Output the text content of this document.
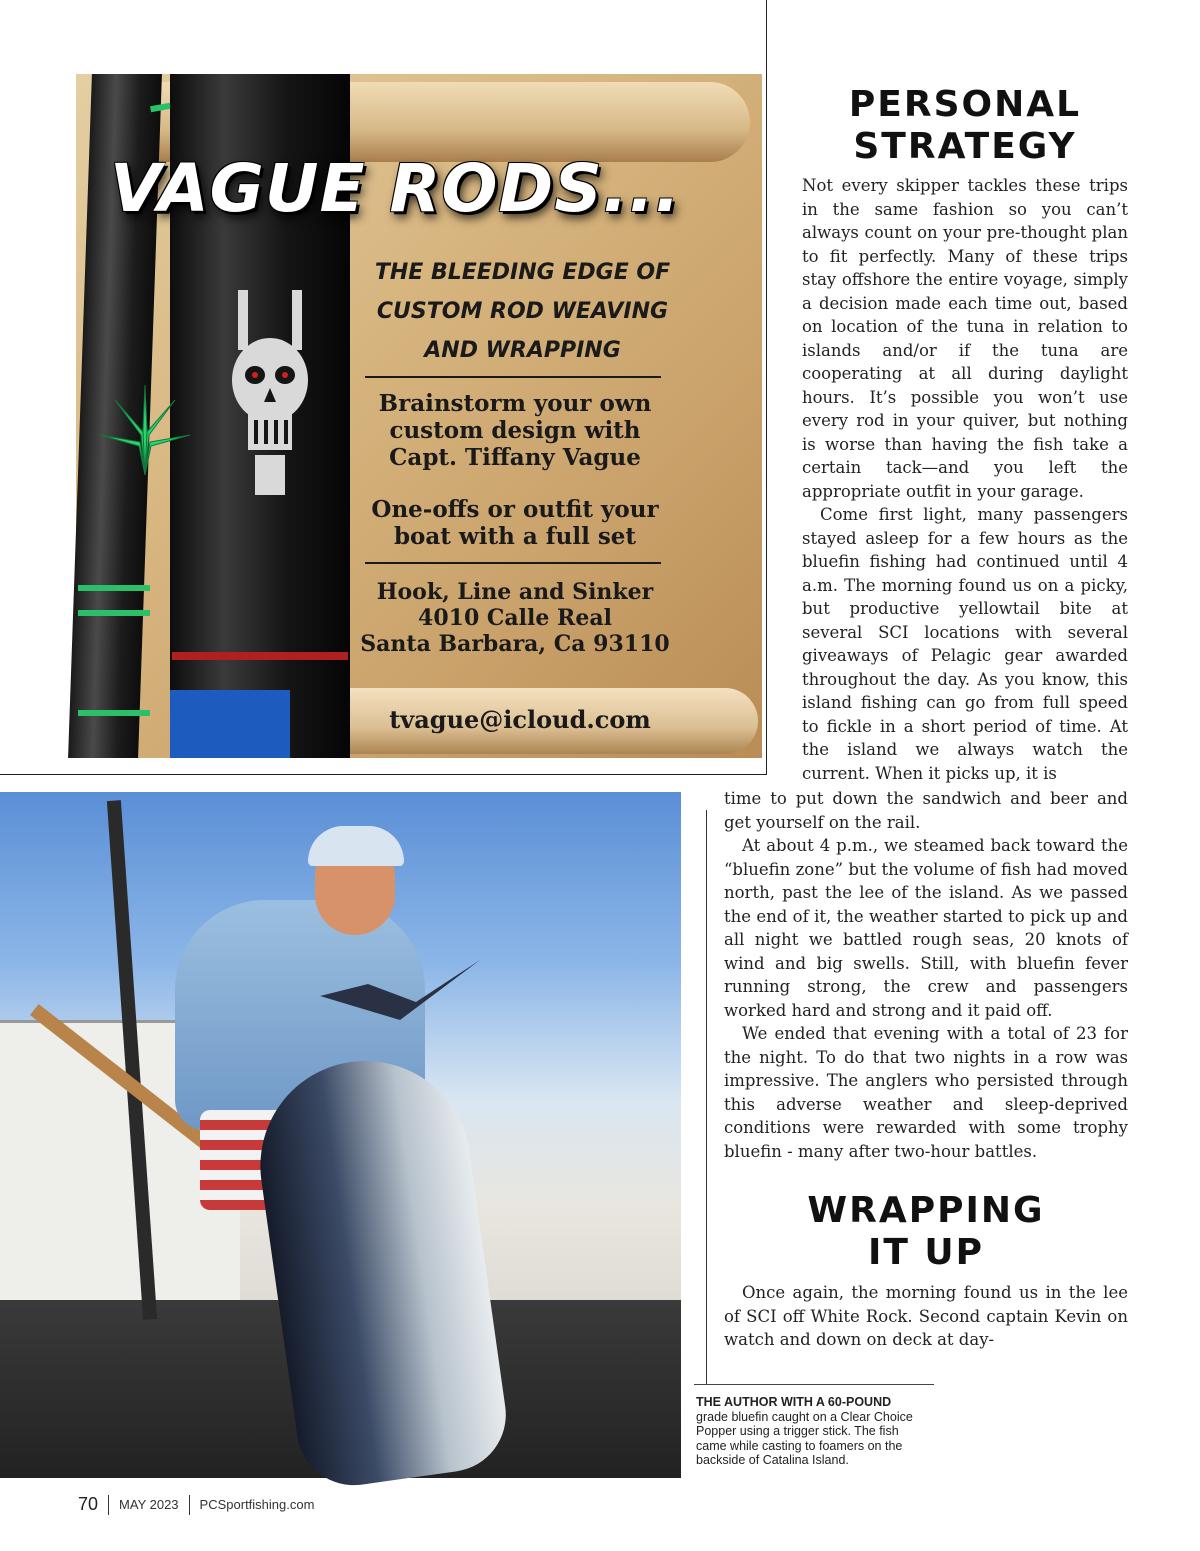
VAGUE RODS...
THE BLEEDING EDGE OF
CUSTOM ROD WEAVING
AND WRAPPING
Brainstorm your own
custom design with
Capt. Tiffany Vague
One-offs or outfit your
boat with a full set
Hook, Line and Sinker
4010 Calle Real
Santa Barbara, Ca 93110
tvague@icloud.com
PERSONAL
STRATEGY

Not every skipper tackles these trips in the same fashion so you can’t always count on your pre-thought plan to fit perfectly. Many of these trips stay offshore the entire voyage, simply a decision made each time out, based on location of the tuna in relation to islands and/or if the tuna are cooperating at all during daylight hours. It’s possible you won’t use every rod in your quiver, but nothing is worse than having the fish take a certain tack—and you left the appropriate outfit in your garage.

Come first light, many passengers stayed asleep for a few hours as the bluefin fishing had continued until 4 a.m. The morning found us on a picky, but productive yellowtail bite at several SCI locations with several giveaways of Pelagic gear awarded throughout the day. As you know, this island fishing can go from full speed to fickle in a short period of time. At the island we always watch the current. When it picks up, it is

time to put down the sandwich and beer and get yourself on the rail.

At about 4 p.m., we steamed back toward the “bluefin zone” but the volume of fish had moved north, past the lee of the island. As we passed the end of it, the weather started to pick up and all night we battled rough seas, 20 knots of wind and big swells. Still, with bluefin fever running strong, the crew and passengers worked hard and strong and it paid off.

We ended that evening with a total of 23 for the night. To do that two nights in a row was impressive. The anglers who persisted through this adverse weather and sleep-deprived conditions were rewarded with some trophy bluefin - many after two-hour battles.

WRAPPING
IT UP

Once again, the morning found us in the lee of SCI off White Rock. Second captain Kevin on watch and down on deck at day-

THE AUTHOR WITH A 60-POUND
grade bluefin caught on a Clear Choice Popper using a trigger stick. The fish came while casting to foamers on the backside of Catalina Island.
70 MAY 2023 PCSportfishing.com
